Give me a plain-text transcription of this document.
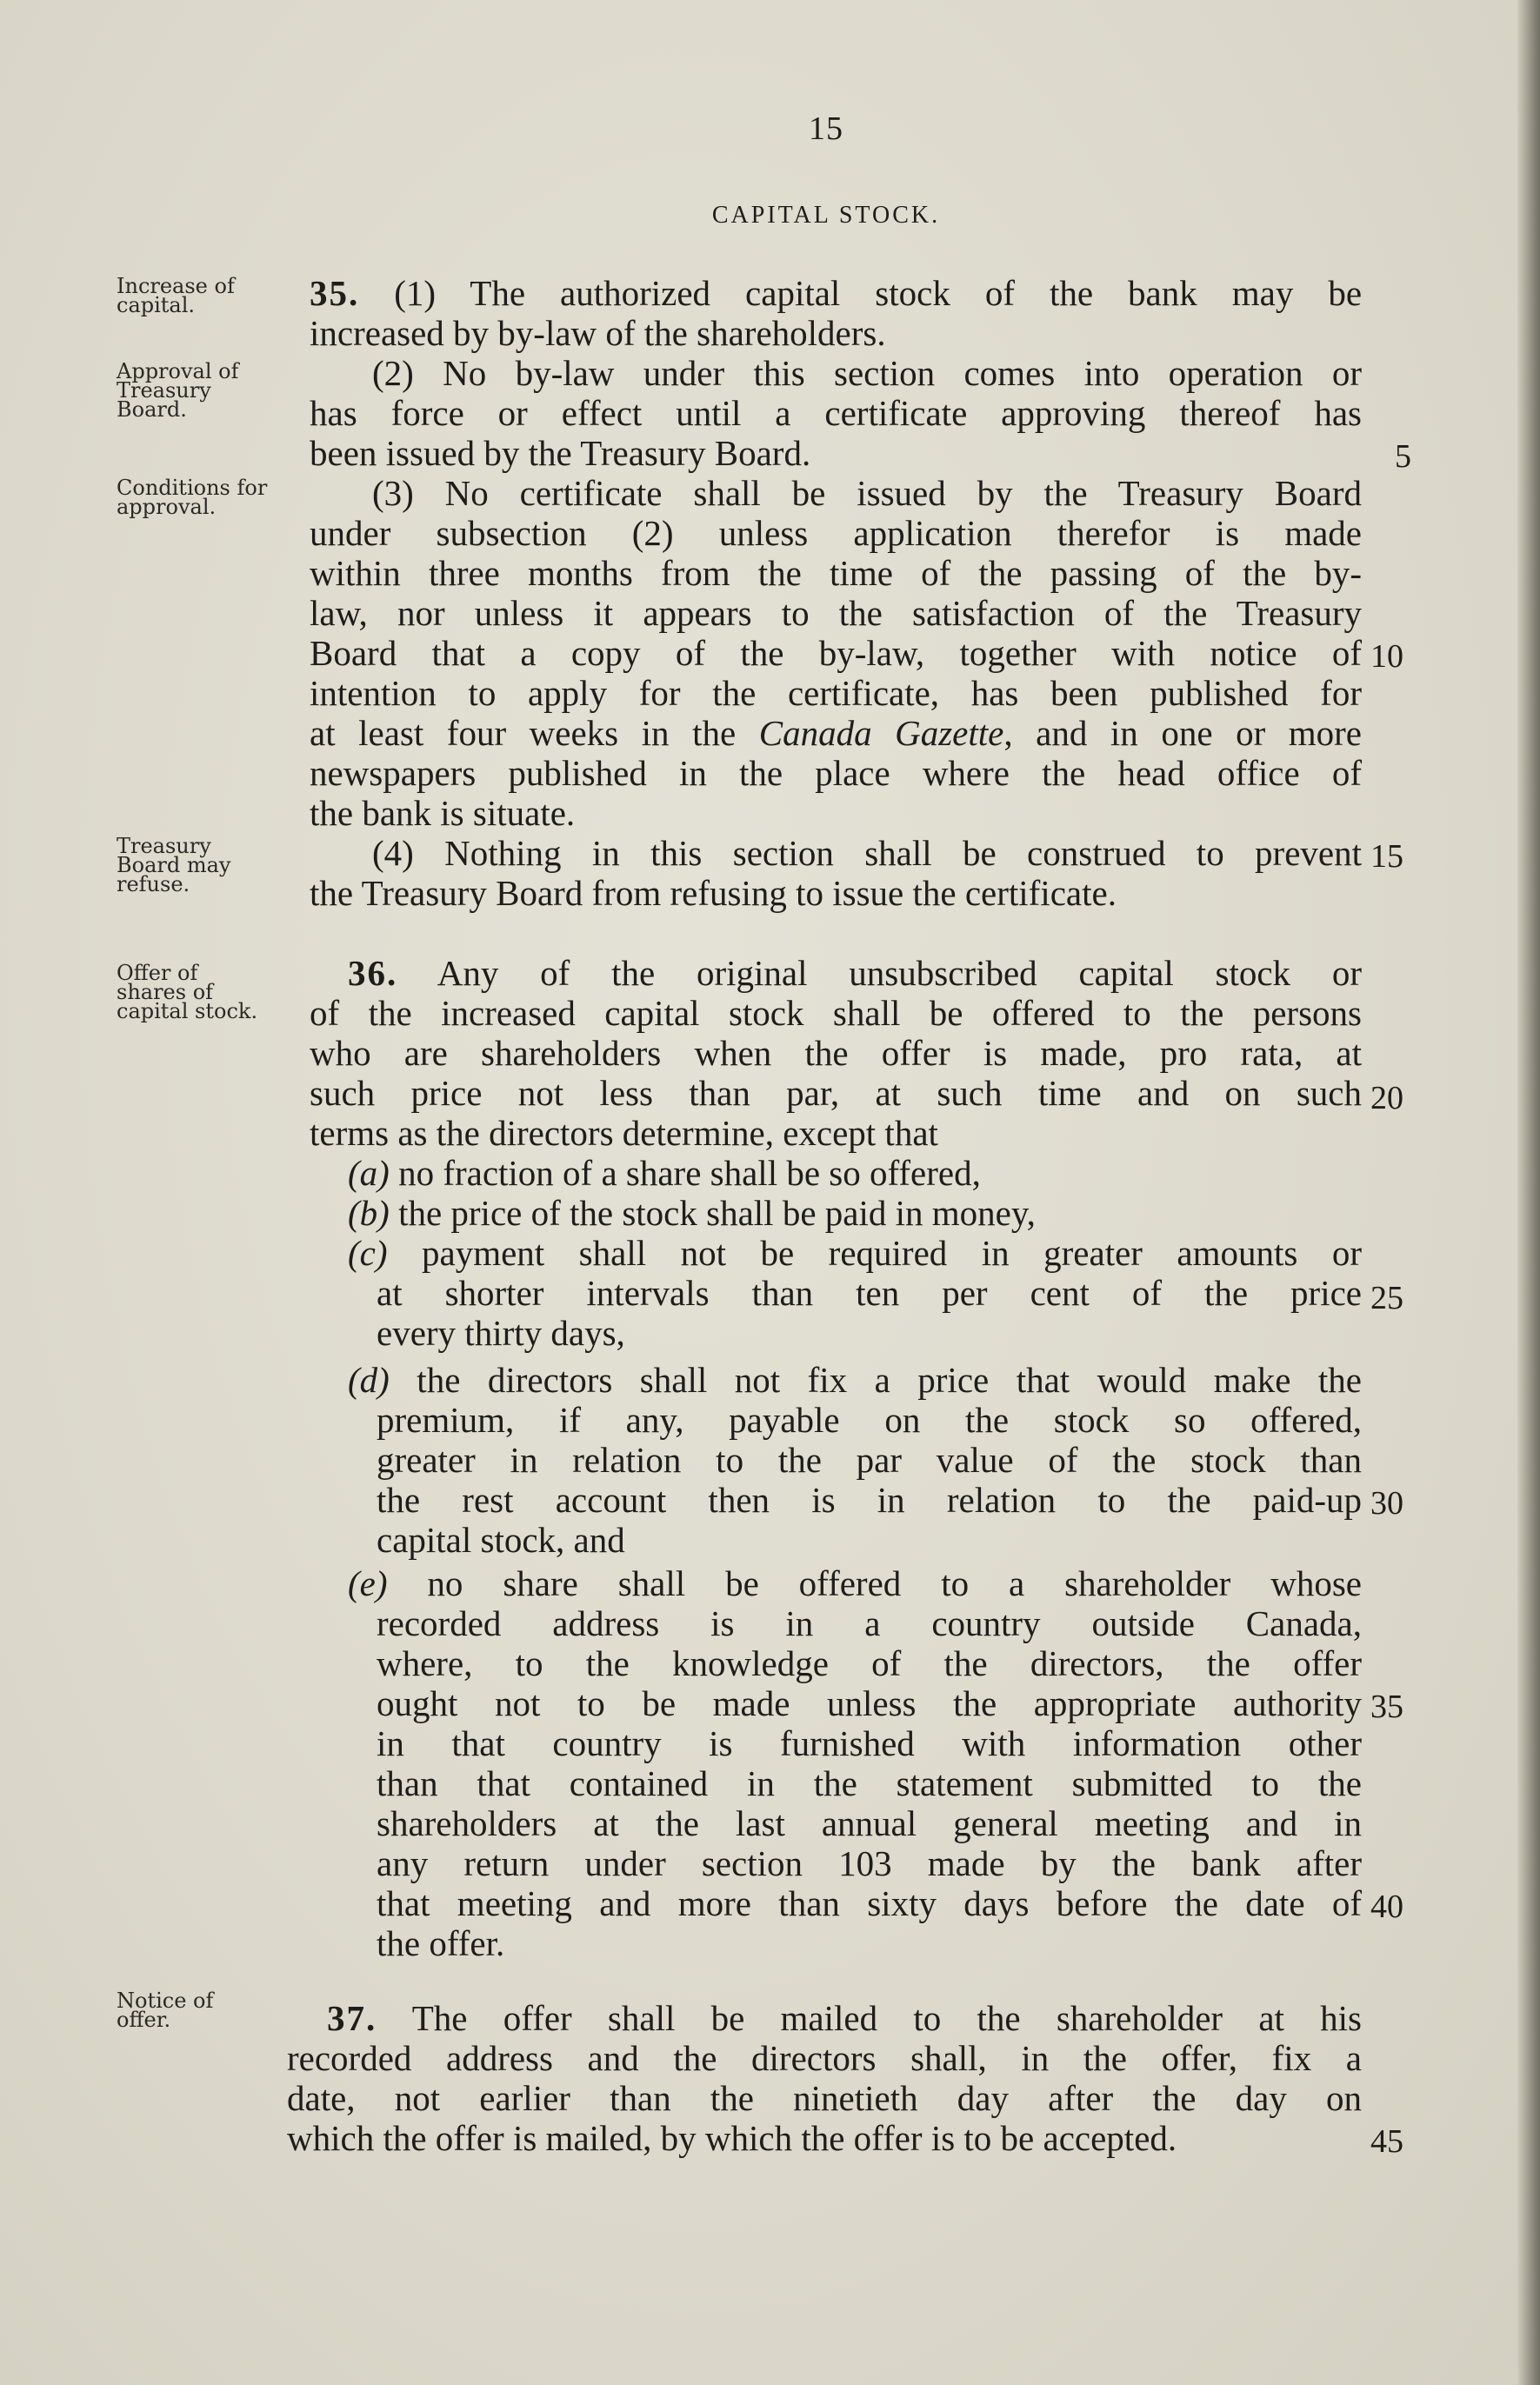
15
CAPITAL STOCK.
Increase of capital.
Approval of Treasury Board.
Conditions for approval.
Treasury Board may refuse.
Offer of shares of capital stock.
Notice of offer.
35. (1) The authorized capital stock of the bank may be
increased by by-law of the shareholders.
(2) No by-law under this section comes into operation or
has force or effect until a certificate approving thereof has
been issued by the Treasury Board.
(3) No certificate shall be issued by the Treasury Board
under subsection (2) unless application therefor is made
within three months from the time of the passing of the by-
law, nor unless it appears to the satisfaction of the Treasury
Board that a copy of the by-law, together with notice of
intention to apply for the certificate, has been published for
at least four weeks in the Canada Gazette, and in one or more
newspapers published in the place where the head office of
the bank is situate.
(4) Nothing in this section shall be construed to prevent
the Treasury Board from refusing to issue the certificate.
36. Any of the original unsubscribed capital stock or
of the increased capital stock shall be offered to the persons
who are shareholders when the offer is made, pro rata, at
such price not less than par, at such time and on such
terms as the directors determine, except that
(a) no fraction of a share shall be so offered,
(b) the price of the stock shall be paid in money,
(c) payment shall not be required in greater amounts or
at shorter intervals than ten per cent of the price
every thirty days,
(d) the directors shall not fix a price that would make the
premium, if any, payable on the stock so offered,
greater in relation to the par value of the stock than
the rest account then is in relation to the paid-up
capital stock, and
(e) no share shall be offered to a shareholder whose
recorded address is in a country outside Canada,
where, to the knowledge of the directors, the offer
ought not to be made unless the appropriate authority
in that country is furnished with information other
than that contained in the statement submitted to the
shareholders at the last annual general meeting and in
any return under section 103 made by the bank after
that meeting and more than sixty days before the date of
the offer.
37. The offer shall be mailed to the shareholder at his
recorded address and the directors shall, in the offer, fix a
date, not earlier than the ninetieth day after the day on
which the offer is mailed, by which the offer is to be accepted.
5
10
15
20
25
30
35
40
45
